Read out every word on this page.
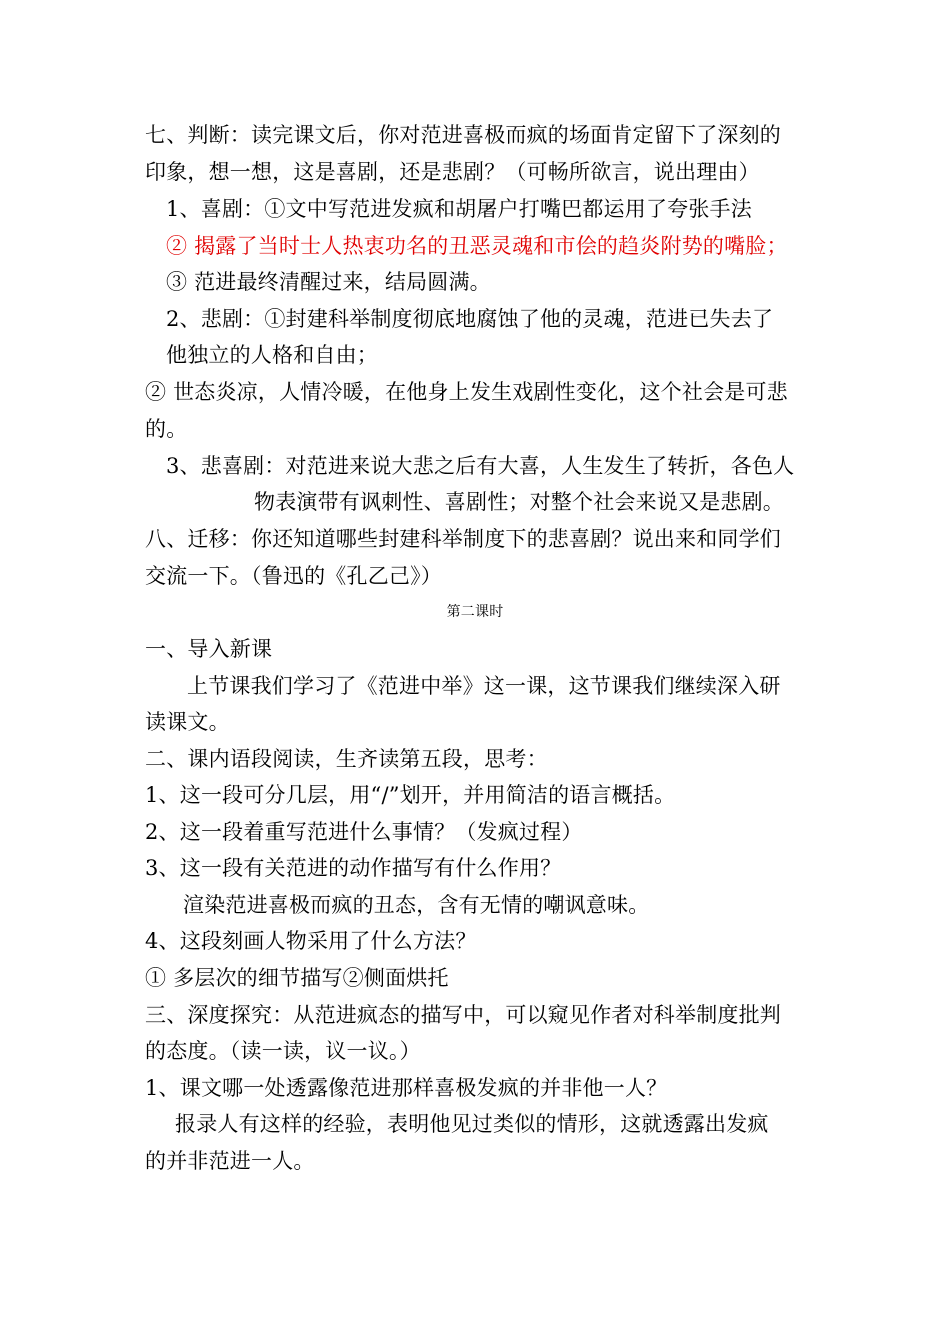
七、判断：读完课文后，你对范进喜极而疯的场面肯定留下了深刻的
印象，想一想，这是喜剧，还是悲剧？（可畅所欲言，说出理由）
1、喜剧：①文中写范进发疯和胡屠户打嘴巴都运用了夸张手法
② 揭露了当时士人热衷功名的丑恶灵魂和市侩的趋炎附势的嘴脸；
③ 范进最终清醒过来，结局圆满。
2、悲剧：①封建科举制度彻底地腐蚀了他的灵魂，范进已失去了
他独立的人格和自由；
② 世态炎凉，人情冷暖，在他身上发生戏剧性变化，这个社会是可悲
的。
3、悲喜剧：对范进来说大悲之后有大喜，人生发生了转折，各色人
物表演带有讽刺性、喜剧性；对整个社会来说又是悲剧。
八、迁移：你还知道哪些封建科举制度下的悲喜剧？说出来和同学们
交流一下。（鲁迅的《孔乙己》）
第二课时
一、导入新课
上节课我们学习了《范进中举》这一课，这节课我们继续深入研
读课文。
二、课内语段阅读，生齐读第五段，思考：
1、这一段可分几层，用“/”划开，并用简洁的语言概括。
2、这一段着重写范进什么事情？（发疯过程）
3、这一段有关范进的动作描写有什么作用？
渲染范进喜极而疯的丑态，含有无情的嘲讽意味。
4、这段刻画人物采用了什么方法？
① 多层次的细节描写②侧面烘托
三、深度探究：从范进疯态的描写中，可以窥见作者对科举制度批判
的态度。（读一读，议一议。）
1、课文哪一处透露像范进那样喜极发疯的并非他一人？
报录人有这样的经验，表明他见过类似的情形，这就透露出发疯
的并非范进一人。
